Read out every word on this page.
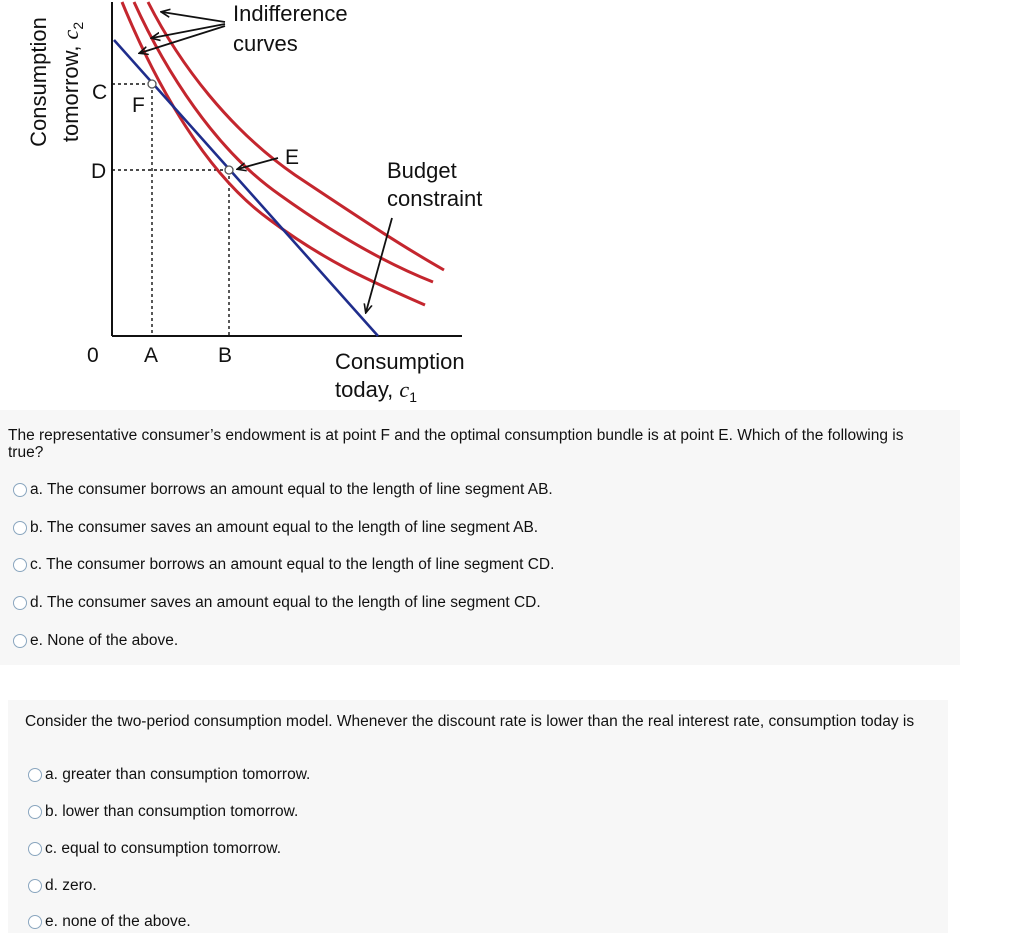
Consumption tomorrow, $c_2$
C
D
F
E
0 A	B
Indifference
curves
Budget
constraint
Consumption
today, $c_1$
The representative consumer’s endowment is at point F and the optimal consumption bundle is at point E. Which of the following is true?
a. The consumer borrows an amount equal to the length of line segment AB.
b. The consumer saves an amount equal to the length of line segment AB.
c. The consumer borrows an amount equal to the length of line segment CD.
d. The consumer saves an amount equal to the length of line segment CD.
e. None of the above.
Consider the two-period consumption model. Whenever the discount rate is lower than the real interest rate, consumption today is
a. greater than consumption tomorrow.
b. lower than consumption tomorrow.
c. equal to consumption tomorrow.
d. zero.
e. none of the above.
